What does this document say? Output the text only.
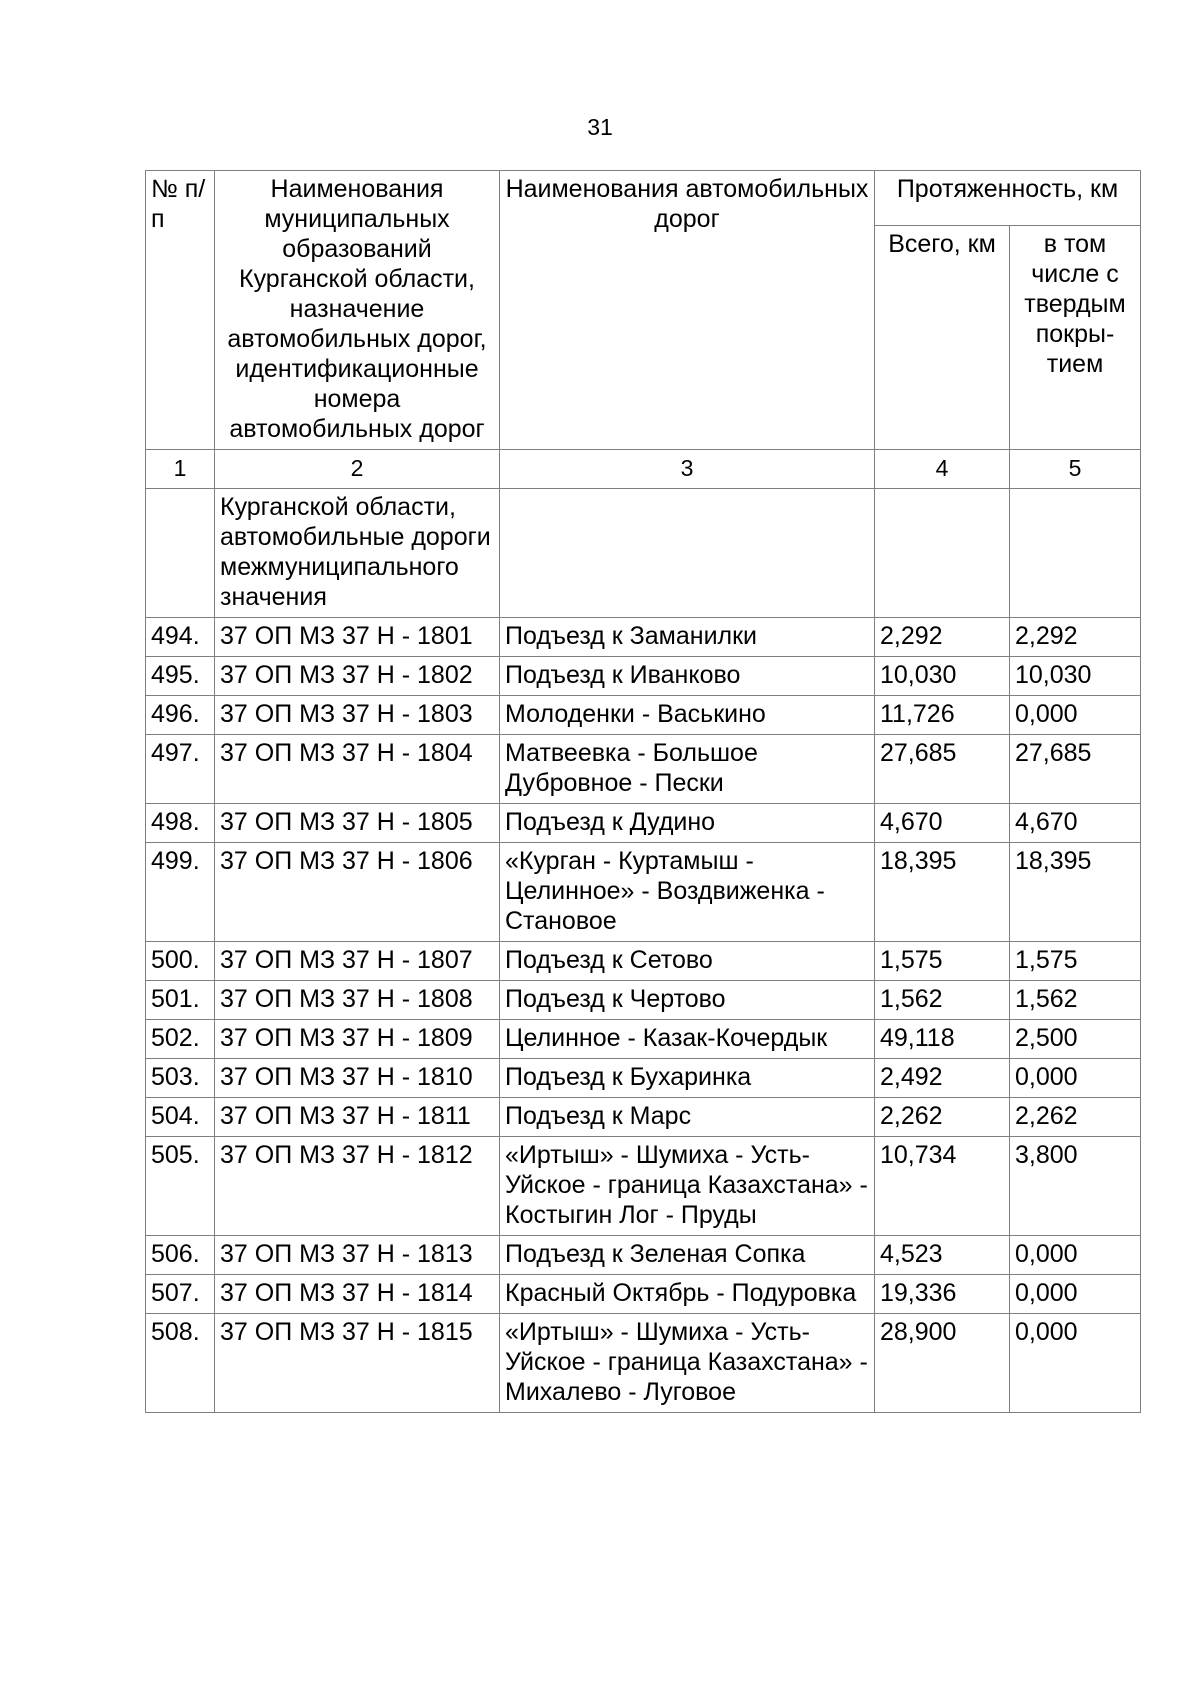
31
№ п/п	Наименования муниципальных образований Курганской области, назначение автомобильных дорог, идентификационные номера автомобильных дорог	Наименования автомобильных дорог	Протяженность, км	
			Всего, км	в том числе с твердым покры-тием
1	2	3	4	5
	Курганской области, автомобильные дороги межмуниципального значения			
494.	37 ОП МЗ 37 Н - 1801	Подъезд к Заманилки	2,292	2,292
495.	37 ОП МЗ 37 Н - 1802	Подъезд к Иванково	10,030	10,030
496.	37 ОП МЗ 37 Н - 1803	Молоденки - Васькино	11,726	0,000
497.	37 ОП МЗ 37 Н - 1804	Матвеевка - Большое Дубровное - Пески	27,685	27,685
498.	37 ОП МЗ 37 Н - 1805	Подъезд к Дудино	4,670	4,670
499.	37 ОП МЗ 37 Н - 1806	«Курган - Куртамыш - Целинное» - Воздвиженка - Становое	18,395	18,395
500.	37 ОП МЗ 37 Н - 1807	Подъезд к Сетово	1,575	1,575
501.	37 ОП МЗ 37 Н - 1808	Подъезд к Чертово	1,562	1,562
502.	37 ОП МЗ 37 Н - 1809	Целинное - Казак-Кочердык	49,118	2,500
503.	37 ОП МЗ 37 Н - 1810	Подъезд к Бухаринка	2,492	0,000
504.	37 ОП МЗ 37 Н - 1811	Подъезд к Марс	2,262	2,262
505.	37 ОП МЗ 37 Н - 1812	«Иртыш» - Шумиха - Усть-Уйское - граница Казахстана» - Костыгин Лог - Пруды	10,734	3,800
506.	37 ОП МЗ 37 Н - 1813	Подъезд к Зеленая Сопка	4,523	0,000
507.	37 ОП МЗ 37 Н - 1814	Красный Октябрь - Подуровка	19,336	0,000
508.	37 ОП МЗ 37 Н - 1815	«Иртыш» - Шумиха - Усть-Уйское - граница Казахстана» - Михалево - Луговое	28,900	0,000
